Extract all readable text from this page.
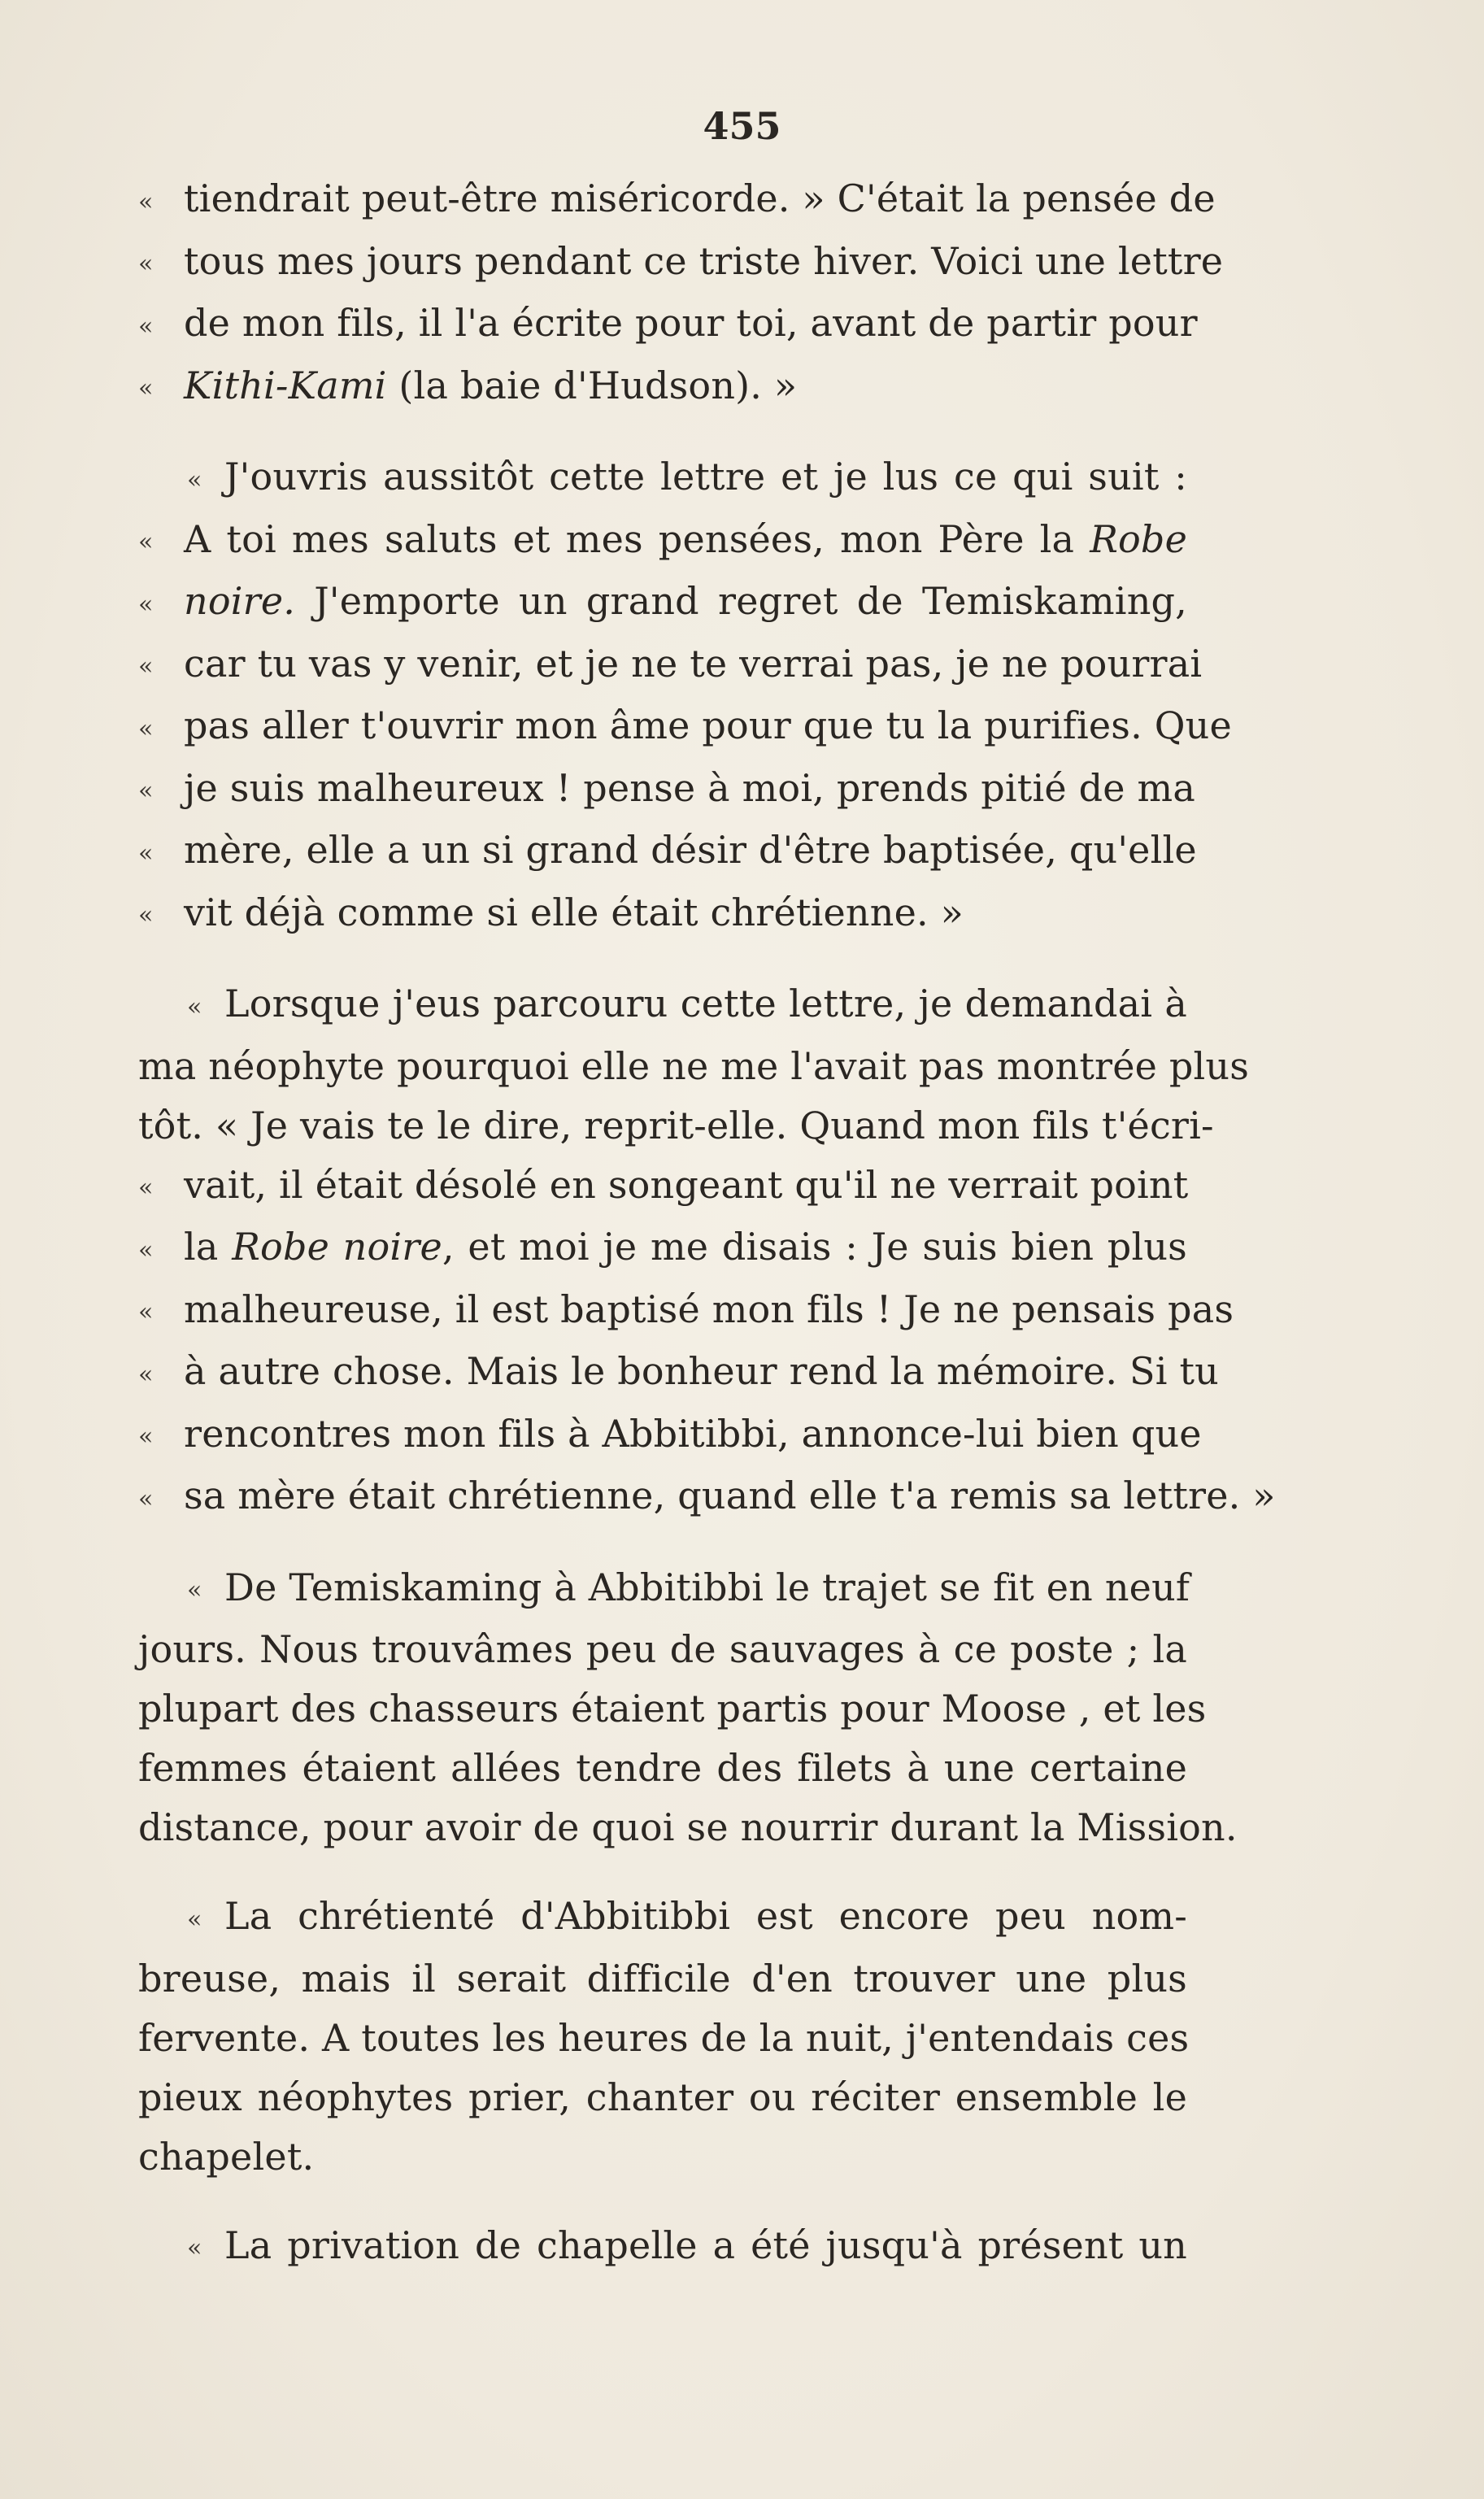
455

« tiendrait peut-être miséricorde. » C'était la pensée de
« tous mes jours pendant ce triste hiver. Voici une lettre
« de mon fils, il l'a écrite pour toi, avant de partir pour
« Kithi-Kami (la baie d'Hudson). »

« J'ouvris aussitôt cette lettre et je lus ce qui suit :
« A toi mes saluts et mes pensées, mon Père la Robe
« noire. J'emporte un grand regret de Temiskaming,
« car tu vas y venir, et je ne te verrai pas, je ne pourrai
« pas aller t'ouvrir mon âme pour que tu la purifies. Que
« je suis malheureux ! pense à moi, prends pitié de ma
« mère, elle a un si grand désir d'être baptisée, qu'elle
« vit déjà comme si elle était chrétienne. »

« Lorsque j'eus parcouru cette lettre, je demandai à
ma néophyte pourquoi elle ne me l'avait pas montrée plus
tôt. « Je vais te le dire, reprit-elle. Quand mon fils t'écri-
« vait, il était désolé en songeant qu'il ne verrait point
« la Robe noire, et moi je me disais : Je suis bien plus
« malheureuse, il est baptisé mon fils ! Je ne pensais pas
« à autre chose. Mais le bonheur rend la mémoire. Si tu
« rencontres mon fils à Abbitibbi, annonce-lui bien que
« sa mère était chrétienne, quand elle t'a remis sa lettre. »

« De Temiskaming à Abbitibbi le trajet se fit en neuf
jours. Nous trouvâmes peu de sauvages à ce poste ; la
plupart des chasseurs étaient partis pour Moose , et les
femmes étaient allées tendre des filets à une certaine
distance, pour avoir de quoi se nourrir durant la Mission.

« La chrétienté d'Abbitibbi est encore peu nom-
breuse, mais il serait difficile d'en trouver une plus
fervente. A toutes les heures de la nuit, j'entendais ces
pieux néophytes prier, chanter ou réciter ensemble le
chapelet.

« La privation de chapelle a été jusqu'à présent un
